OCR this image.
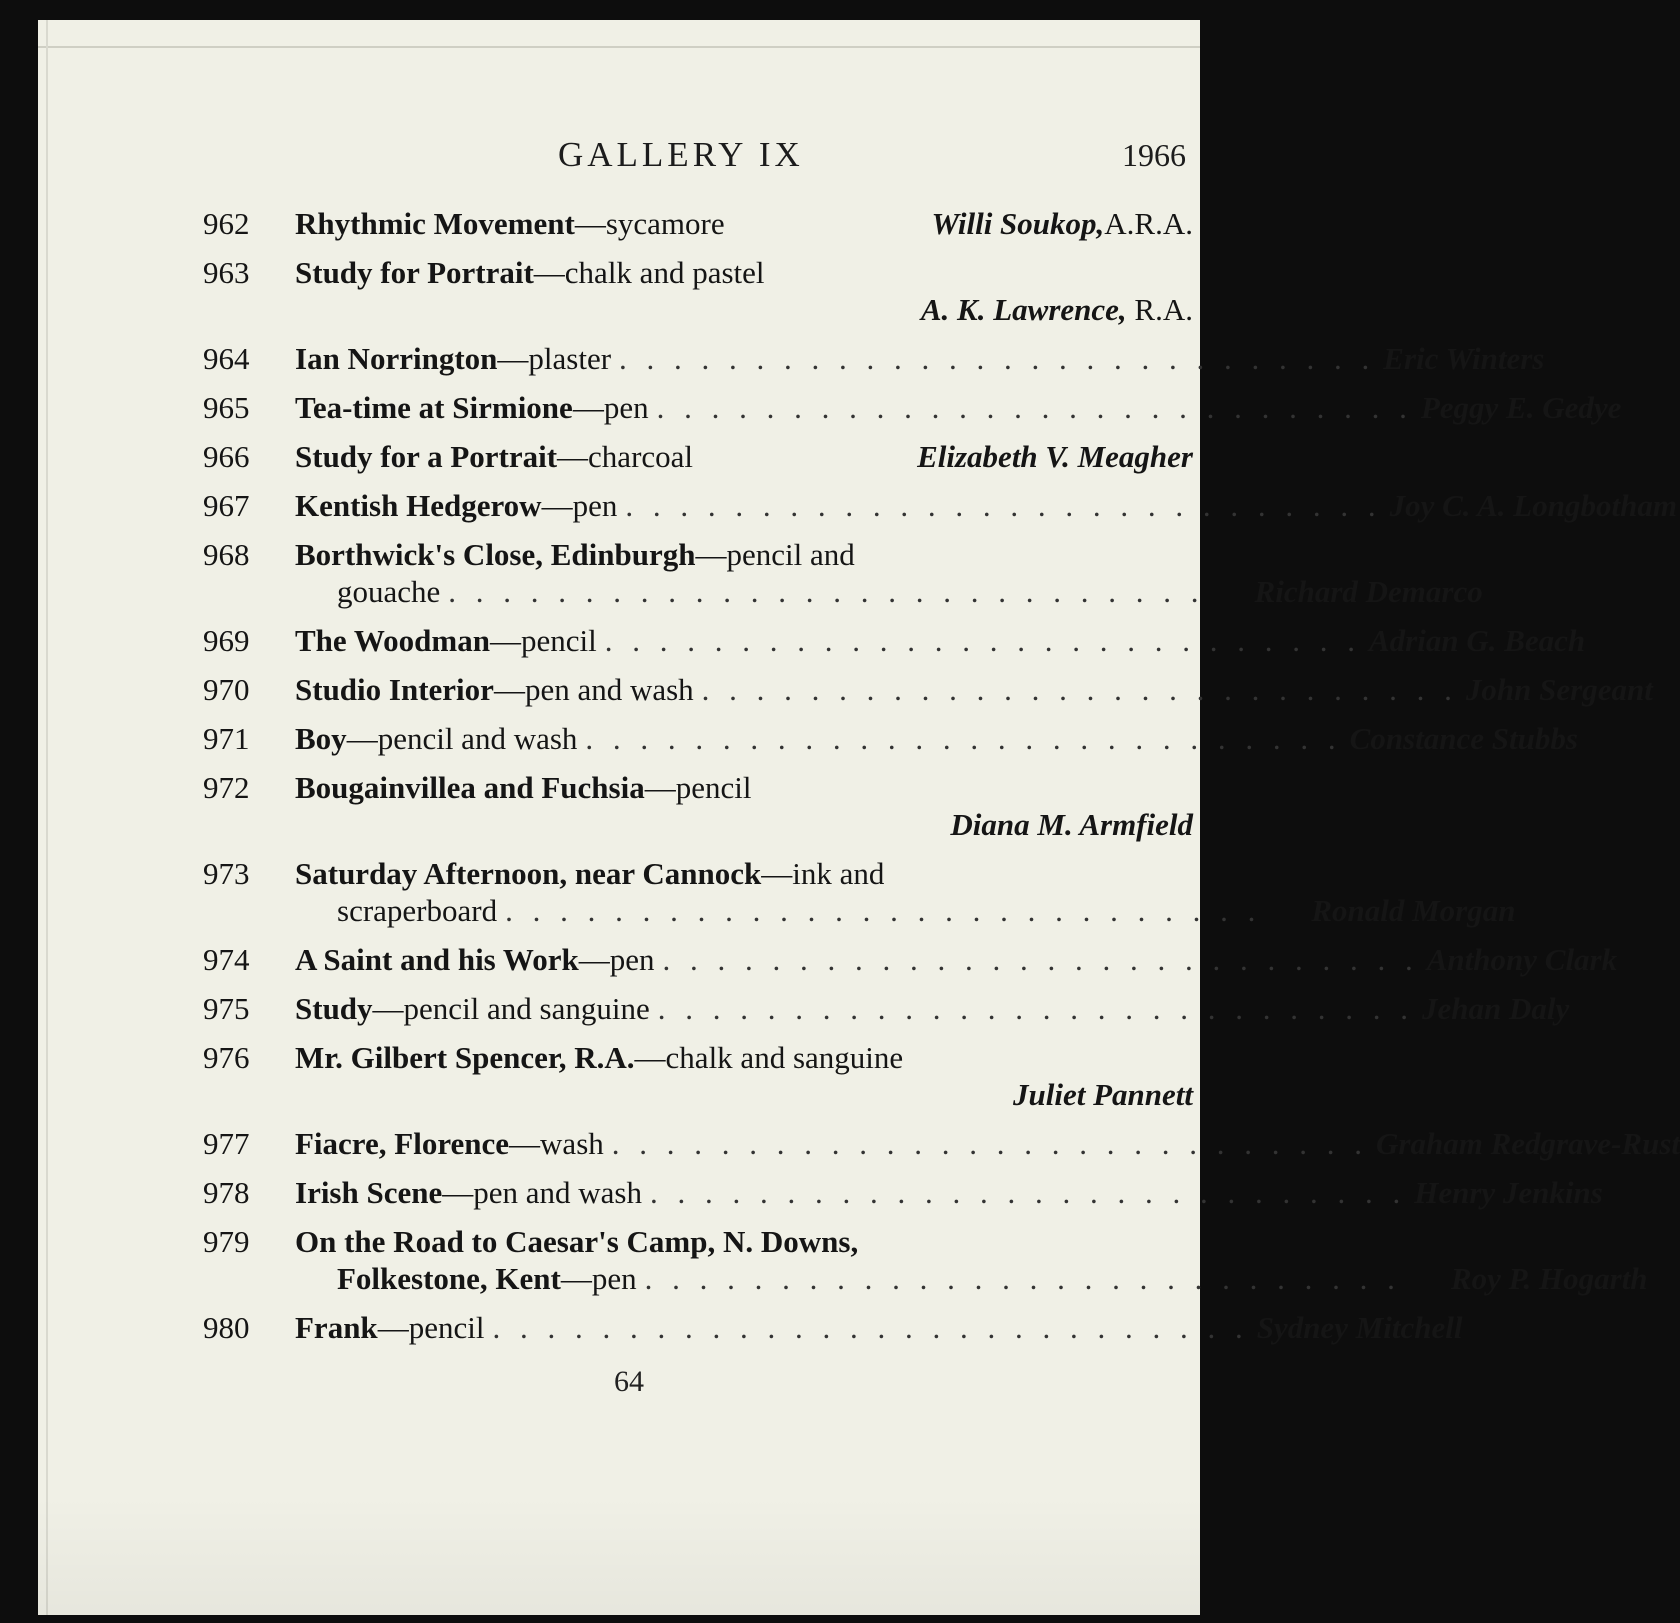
GALLERY IX	1966
962	Rhythmic Movement —sycamore	Willi Soukop, A.R.A.
963	Study for Portrait —chalk and pastel
A. K. Lawrence, R.A.
964	Ian Norrington —plaster . . . . . . . . . . . . . . . . . . . . . . . . . . . . Eric Winters
965	Tea-time at Sirmione —pen . . . . . . . . . . . . . . . . . . . . . . . . . . . . Peggy E. Gedye
966	Study for a Portrait —charcoal	Elizabeth V. Meagher
967	Kentish Hedgerow —pen . . . . . . . . . . . . . . . . . . . . . . . . . . . . Joy C. A. Longbotham
968	Borthwick's Close, Edinburgh —pencil and
gouache . . . . . . . . . . . . . . . . . . . . . . . . . . . .	Richard Demarco
969	The Woodman —pencil . . . . . . . . . . . . . . . . . . . . . . . . . . . . Adrian G. Beach
970	Studio Interior —pen and wash . . . . . . . . . . . . . . . . . . . . . . . . . . . . John Sergeant
971	Boy —pencil and wash . . . . . . . . . . . . . . . . . . . . . . . . . . . . Constance Stubbs
972	Bougainvillea and Fuchsia —pencil
Diana M. Armfield
973	Saturday Afternoon, near Cannock —ink and
scraperboard . . . . . . . . . . . . . . . . . . . . . . . . . . . .	Ronald Morgan
974	A Saint and his Work —pen . . . . . . . . . . . . . . . . . . . . . . . . . . . . Anthony Clark
975	Study —pencil and sanguine . . . . . . . . . . . . . . . . . . . . . . . . . . . . Jehan Daly
976	Mr. Gilbert Spencer, R.A. —chalk and sanguine
Juliet Pannett
977	Fiacre, Florence —wash . . . . . . . . . . . . . . . . . . . . . . . . . . . . Graham Redgrave-Rust
978	Irish Scene —pen and wash . . . . . . . . . . . . . . . . . . . . . . . . . . . . Henry Jenkins
979	On the Road to Caesar's Camp, N. Downs,
Folkestone, Kent —pen . . . . . . . . . . . . . . . . . . . . . . . . . . . .	Roy P. Hogarth
980	Frank —pencil . . . . . . . . . . . . . . . . . . . . . . . . . . . . Sydney Mitchell
64
